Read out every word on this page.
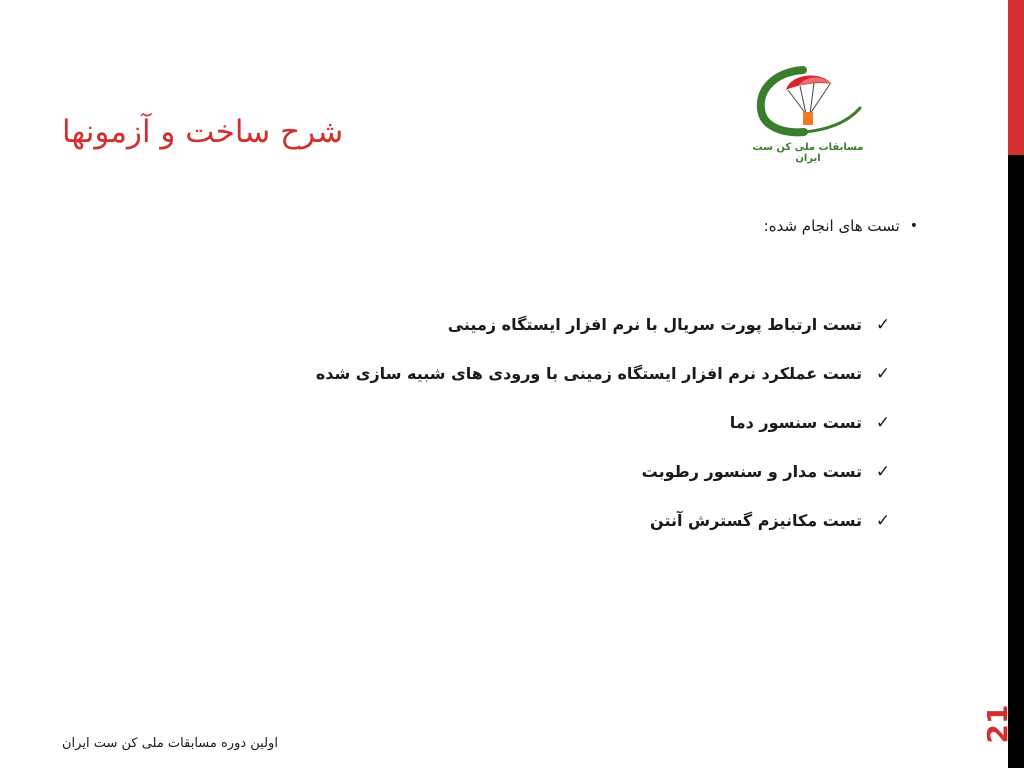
21
شرح ساخت و آزمونها	مسابقات ملی کن ست ایران
•
تست های انجام شده:
✓
تست ارتباط پورت سریال با نرم افزار ایستگاه زمینی
✓
تست عملکرد نرم افزار ایستگاه زمینی با ورودی های شبیه سازی شده
✓
تست سنسور دما
✓
تست مدار و سنسور رطوبت
✓
تست مکانیزم گسترش آنتن
اولین دوره مسابقات ملی کن ست ایران
